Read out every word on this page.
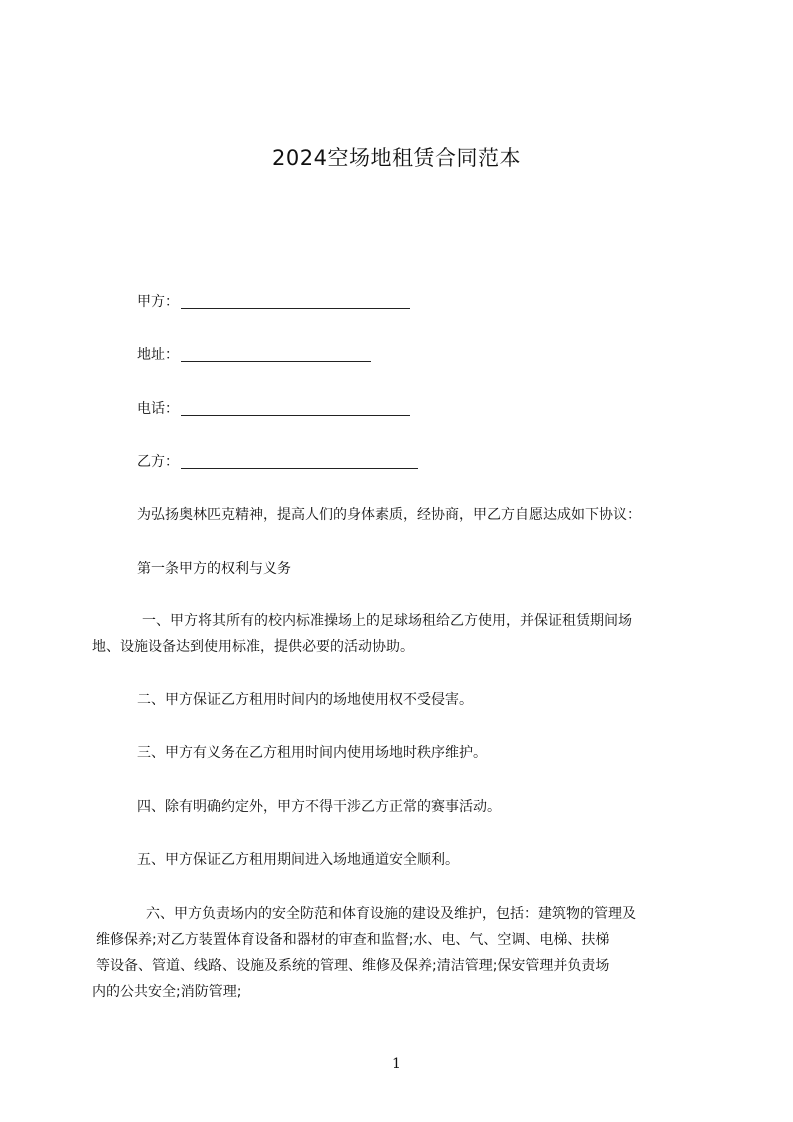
2024空场地租赁合同范本
甲方：
地址：
电话：
乙方：
为弘扬奥林匹克精神，提高人们的身体素质，经协商，甲乙方自愿达成如下协议：
第一条甲方的权利与义务
一、甲方将其所有的校内标准操场上的足球场租给乙方使用，并保证租赁期间场
地、设施设备达到使用标准，提供必要的活动协助。
二、甲方保证乙方租用时间内的场地使用权不受侵害。
三、甲方有义务在乙方租用时间内使用场地时秩序维护。
四、除有明确约定外，甲方不得干涉乙方正常的赛事活动。
五、甲方保证乙方租用期间进入场地通道安全顺利。
六、甲方负责场内的安全防范和体育设施的建设及维护，包括：建筑物的管理及
维修保养;对乙方装置体育设备和器材的审查和监督;水、电、气、空调、电梯、扶梯
等设备、管道、线路、设施及系统的管理、维修及保养;清洁管理;保安管理并负责场
内的公共安全;消防管理;
1
